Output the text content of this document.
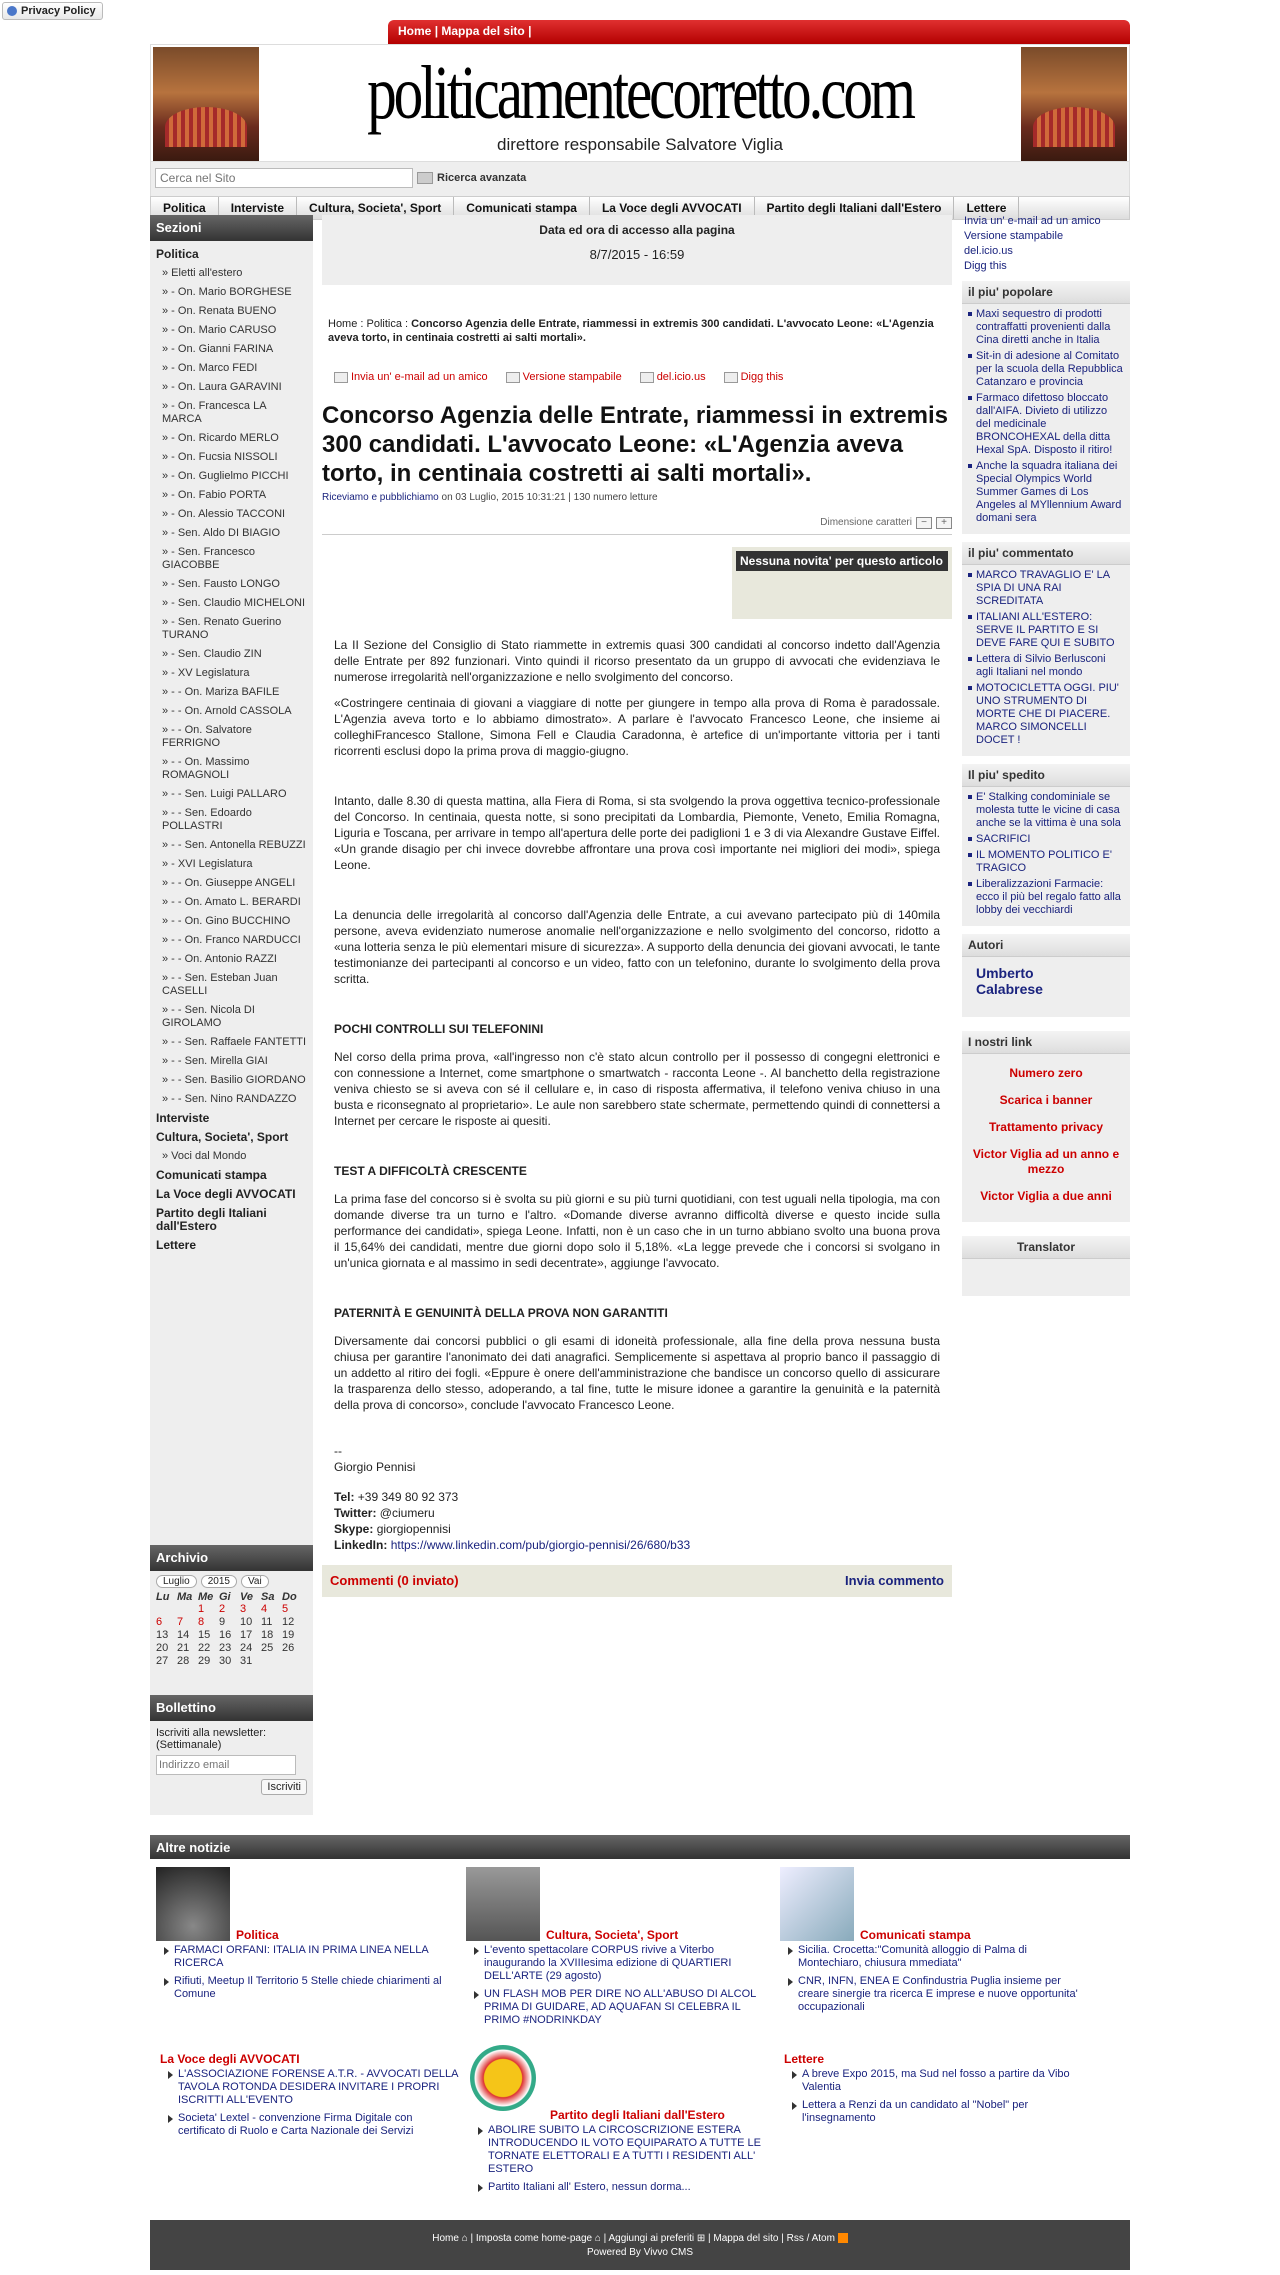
Privacy Policy
Home | Mappa del sito |
politicamentecorretto.com
direttore responsabile Salvatore Viglia
Cerca nel Sito
Ricerca avanzata
Politica	Interviste	Cultura, Societa', Sport	Comunicati stampa	La Voce degli AVVOCATI	Partito degli Italiani dall'Estero	Lettere
Sezioni
Politica
» Eletti all'estero
» - On. Mario BORGHESE
» - On. Renata BUENO
» - On. Mario CARUSO
» - On. Gianni FARINA
» - On. Marco FEDI
» - On. Laura GARAVINI
» - On. Francesca LA MARCA
» - On. Ricardo MERLO
» - On. Fucsia NISSOLI
» - On. Guglielmo PICCHI
» - On. Fabio PORTA
» - On. Alessio TACCONI
» - Sen. Aldo DI BIAGIO
» - Sen. Francesco GIACOBBE
» - Sen. Fausto LONGO
» - Sen. Claudio MICHELONI
» - Sen. Renato Guerino TURANO
» - Sen. Claudio ZIN
» - XV Legislatura
» - - On. Mariza BAFILE
» - - On. Arnold CASSOLA
» - - On. Salvatore FERRIGNO
» - - On. Massimo ROMAGNOLI
» - - Sen. Luigi PALLARO
» - - Sen. Edoardo POLLASTRI
» - - Sen. Antonella REBUZZI
» - XVI Legislatura
» - - On. Giuseppe ANGELI
» - - On. Amato L. BERARDI
» - - On. Gino BUCCHINO
» - - On. Franco NARDUCCI
» - - On. Antonio RAZZI
» - - Sen. Esteban Juan CASELLI
» - - Sen. Nicola DI GIROLAMO
» - - Sen. Raffaele FANTETTI
» - - Sen. Mirella GIAI
» - - Sen. Basilio GIORDANO
» - - Sen. Nino RANDAZZO
Interviste
Cultura, Societa', Sport
» Voci dal Mondo
Comunicati stampa
La Voce degli AVVOCATI
Partito degli Italiani dall'Estero
Lettere
Archivio
Luglio	2015	Vai
Lu	Ma	Me	Gi	Ve	Sa	Do
		1	2	3	4	5
6	7	8	9	10	11	12
13	14	15	16	17	18	19
20	21	22	23	24	25	26
27	28	29	30	31		
Bollettino
Iscriviti alla newsletter: (Settimanale)
Indirizzo email
Iscriviti
Data ed ora di accesso alla pagina
8/7/2015 - 16:59
Home : Politica : Concorso Agenzia delle Entrate, riammessi in extremis 300 candidati. L'avvocato Leone: «L'Agenzia aveva torto, in centinaia costretti ai salti mortali».
Invia un' e-mail ad un amico	Versione stampabile	del.icio.us	Digg this
Concorso Agenzia delle Entrate, riammessi in extremis 300 candidati. L'avvocato Leone: «L'Agenzia aveva torto, in centinaia costretti ai salti mortali».
Riceviamo e pubblichiamo on 03 Luglio, 2015 10:31:21 | 130 numero letture
Dimensione caratteri − +
Nessuna novita' per questo articolo

La II Sezione del Consiglio di Stato riammette in extremis quasi 300 candidati al concorso indetto dall'Agenzia delle Entrate per 892 funzionari. Vinto quindi il ricorso presentato da un gruppo di avvocati che evidenziava le numerose irregolarità nell'organizzazione e nello svolgimento del concorso.

«Costringere centinaia di giovani a viaggiare di notte per giungere in tempo alla prova di Roma è paradossale. L'Agenzia aveva torto e lo abbiamo dimostrato». A parlare è l'avvocato Francesco Leone, che insieme ai colleghiFrancesco Stallone, Simona Fell e Claudia Caradonna, è artefice di un'importante vittoria per i tanti ricorrenti esclusi dopo la prima prova di maggio-giugno.

Intanto, dalle 8.30 di questa mattina, alla Fiera di Roma, si sta svolgendo la prova oggettiva tecnico-professionale del Concorso. In centinaia, questa notte, si sono precipitati da Lombardia, Piemonte, Veneto, Emilia Romagna, Liguria e Toscana, per arrivare in tempo all'apertura delle porte dei padiglioni 1 e 3 di via Alexandre Gustave Eiffel. «Un grande disagio per chi invece dovrebbe affrontare una prova così importante nei migliori dei modi», spiega Leone.

La denuncia delle irregolarità al concorso dall'Agenzia delle Entrate, a cui avevano partecipato più di 140mila persone, aveva evidenziato numerose anomalie nell'organizzazione e nello svolgimento del concorso, ridotto a «una lotteria senza le più elementari misure di sicurezza». A supporto della denuncia dei giovani avvocati, le tante testimonianze dei partecipanti al concorso e un video, fatto con un telefonino, durante lo svolgimento della prova scritta.

POCHI CONTROLLI SUI TELEFONINI

Nel corso della prima prova, «all'ingresso non c'è stato alcun controllo per il possesso di congegni elettronici e con connessione a Internet, come smartphone o smartwatch - racconta Leone -. Al banchetto della registrazione veniva chiesto se si aveva con sé il cellulare e, in caso di risposta affermativa, il telefono veniva chiuso in una busta e riconsegnato al proprietario». Le aule non sarebbero state schermate, permettendo quindi di connettersi a Internet per cercare le risposte ai quesiti.

TEST A DIFFICOLTÀ CRESCENTE

La prima fase del concorso si è svolta su più giorni e su più turni quotidiani, con test uguali nella tipologia, ma con domande diverse tra un turno e l'altro. «Domande diverse avranno difficoltà diverse e questo incide sulla performance dei candidati», spiega Leone. Infatti, non è un caso che in un turno abbiano svolto una buona prova il 15,64% dei candidati, mentre due giorni dopo solo il 5,18%. «La legge prevede che i concorsi si svolgano in un'unica giornata e al massimo in sedi decentrate», aggiunge l'avvocato.

PATERNITÀ E GENUINITÀ DELLA PROVA NON GARANTITI

Diversamente dai concorsi pubblici o gli esami di idoneità professionale, alla fine della prova nessuna busta chiusa per garantire l'anonimato dei dati anagrafici. Semplicemente si aspettava al proprio banco il passaggio di un addetto al ritiro dei fogli. «Eppure è onere dell'amministrazione che bandisce un concorso quello di assicurare la trasparenza dello stesso, adoperando, a tal fine, tutte le misure idonee a garantire la genuinità e la paternità della prova di concorso», conclude l'avvocato Francesco Leone.

--
Giorgio Pennisi
Tel: +39 349 80 92 373
Twitter: @ciumeru
Skype: giorgiopennisi
LinkedIn: https://www.linkedin.com/pub/giorgio-pennisi/26/680/b33
Commenti (0 inviato)	Invia commento
Invia un' e-mail ad un amico
Versione stampabile
del.icio.us
Digg this
il piu' popolare
Maxi sequestro di prodotti contraffatti provenienti dalla Cina diretti anche in Italia
Sit-in di adesione al Comitato per la scuola della Repubblica Catanzaro e provincia
Farmaco difettoso bloccato dall'AIFA. Divieto di utilizzo del medicinale BRONCOHEXAL della ditta Hexal SpA. Disposto il ritiro!
Anche la squadra italiana dei Special Olympics World Summer Games di Los Angeles al MYllennium Award domani sera
il piu' commentato
MARCO TRAVAGLIO E' LA SPIA DI UNA RAI SCREDITATA
ITALIANI ALL'ESTERO: SERVE IL PARTITO E SI DEVE FARE QUI E SUBITO
Lettera di Silvio Berlusconi agli Italiani nel mondo
MOTOCICLETTA OGGI. PIU' UNO STRUMENTO DI MORTE CHE DI PIACERE. MARCO SIMONCELLI DOCET !
Il piu' spedito
E' Stalking condominiale se molesta tutte le vicine di casa anche se la vittima è una sola
SACRIFICI
IL MOMENTO POLITICO E' TRAGICO
Liberalizzazioni Farmacie: ecco il più bel regalo fatto alla lobby dei vecchiardi
Autori
Umberto Calabrese
I nostri link
Numero zero
Scarica i banner
Trattamento privacy
Victor Viglia ad un anno e mezzo
Victor Viglia a due anni
Translator
Altre notizie
Politica
FARMACI ORFANI: ITALIA IN PRIMA LINEA NELLA RICERCA
Rifiuti, Meetup Il Territorio 5 Stelle chiede chiarimenti al Comune
Cultura, Societa', Sport
L'evento spettacolare CORPUS rivive a Viterbo inaugurando la XVIIIesima edizione di QUARTIERI DELL'ARTE (29 agosto)
UN FLASH MOB PER DIRE NO ALL'ABUSO DI ALCOL PRIMA DI GUIDARE, AD AQUAFAN SI CELEBRA IL PRIMO #NODRINKDAY
Comunicati stampa
Sicilia. Crocetta:"Comunità alloggio di Palma di Montechiaro, chiusura mmediata"
CNR, INFN, ENEA E Confindustria Puglia insieme per creare sinergie tra ricerca E imprese e nuove opportunita' occupazionali
La Voce degli AVVOCATI
L'ASSOCIAZIONE FORENSE A.T.R. - AVVOCATI DELLA TAVOLA ROTONDA DESIDERA INVITARE I PROPRI ISCRITTI ALL'EVENTO
Societa' Lextel - convenzione Firma Digitale con certificato di Ruolo e Carta Nazionale dei Servizi
Partito degli Italiani dall'Estero
ABOLIRE SUBITO LA CIRCOSCRIZIONE ESTERA INTRODUCENDO IL VOTO EQUIPARATO A TUTTE LE TORNATE ELETTORALI E A TUTTI I RESIDENTI ALL' ESTERO
Partito Italiani all' Estero, nessun dorma...
Lettere
A breve Expo 2015, ma Sud nel fosso a partire da Vibo Valentia
Lettera a Renzi da un candidato al "Nobel" per l'insegnamento
Home ⌂ | Imposta come home-page ⌂ | Aggiungi ai preferiti ⊞ | Mappa del sito | Rss / Atom
Powered By Vivvo CMS
